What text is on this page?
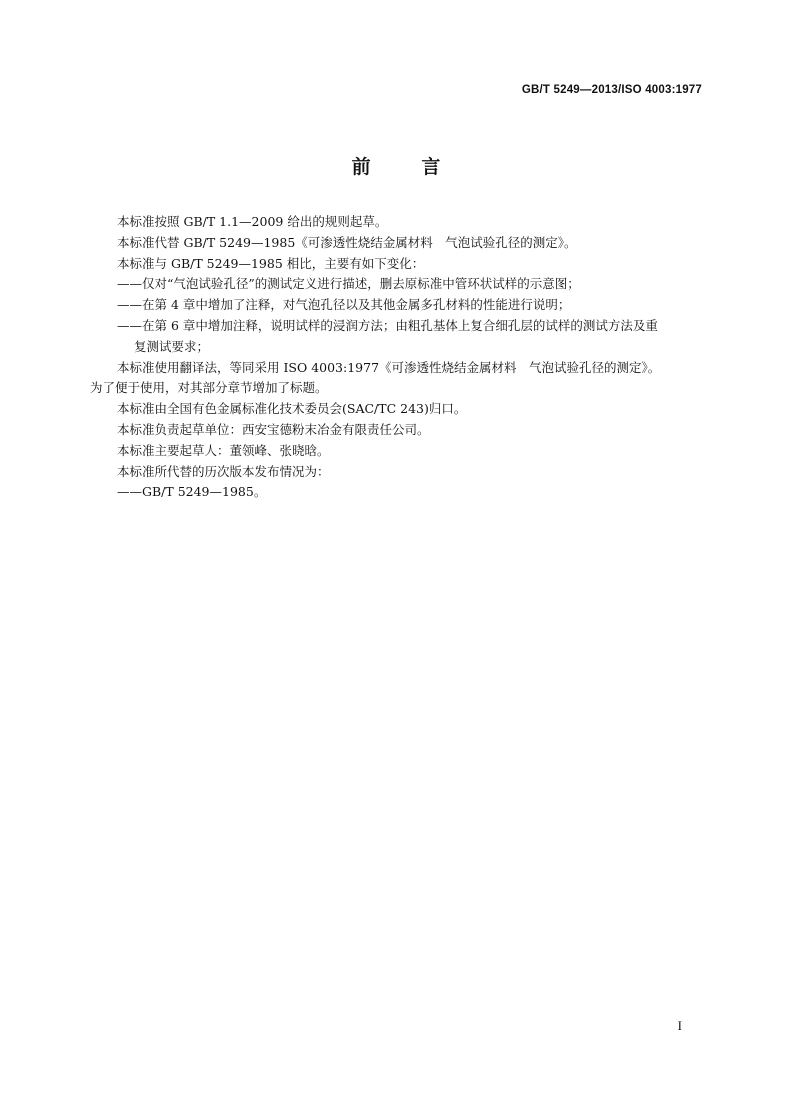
GB/T 5249—2013/ISO 4003:1977
前	言

本标准按照 GB/T 1.1—2009 给出的规则起草。

本标准代替 GB/T 5249—1985《可渗透性烧结金属材料　气泡试验孔径的测定》。

本标准与 GB/T 5249—1985 相比，主要有如下变化：

——仅对“气泡试验孔径”的测试定义进行描述，删去原标准中管环状试样的示意图；

——在第 4 章中增加了注释，对气泡孔径以及其他金属多孔材料的性能进行说明；

——在第 6 章中增加注释，说明试样的浸润方法；由粗孔基体上复合细孔层的试样的测试方法及重

复测试要求；

本标准使用翻译法，等同采用 ISO 4003:1977《可渗透性烧结金属材料　气泡试验孔径的测定》。

为了便于使用，对其部分章节增加了标题。

本标准由全国有色金属标准化技术委员会(SAC/TC 243)归口。

本标准负责起草单位：西安宝德粉末冶金有限责任公司。

本标准主要起草人：董领峰、张晓晗。

本标准所代替的历次版本发布情况为：

——GB/T 5249—1985。

I
